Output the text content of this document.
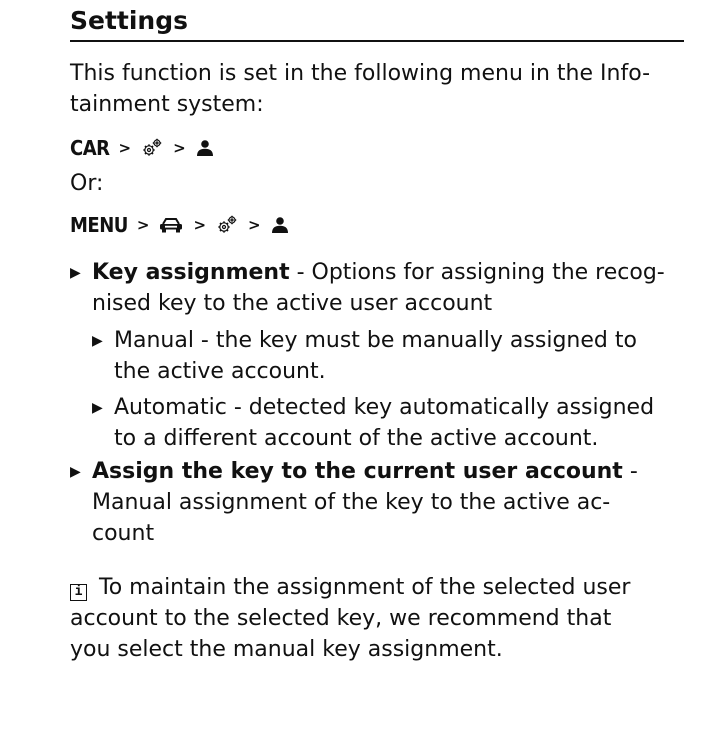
Settings
This function is set in the following menu in the Info-
tainment system:
CAR >	>
Or:
MENU >	>	>
▶ Key assignment - Options for assigning the recog-
nised key to the active user account
▶ Manual - the key must be manually assigned to
the active account.
▶ Automatic - detected key automatically assigned
to a different account of the active account.
▶ Assign the key to the current user account -
Manual assignment of the key to the active ac-
count
i To maintain the assignment of the selected user
account to the selected key, we recommend that
you select the manual key assignment.
